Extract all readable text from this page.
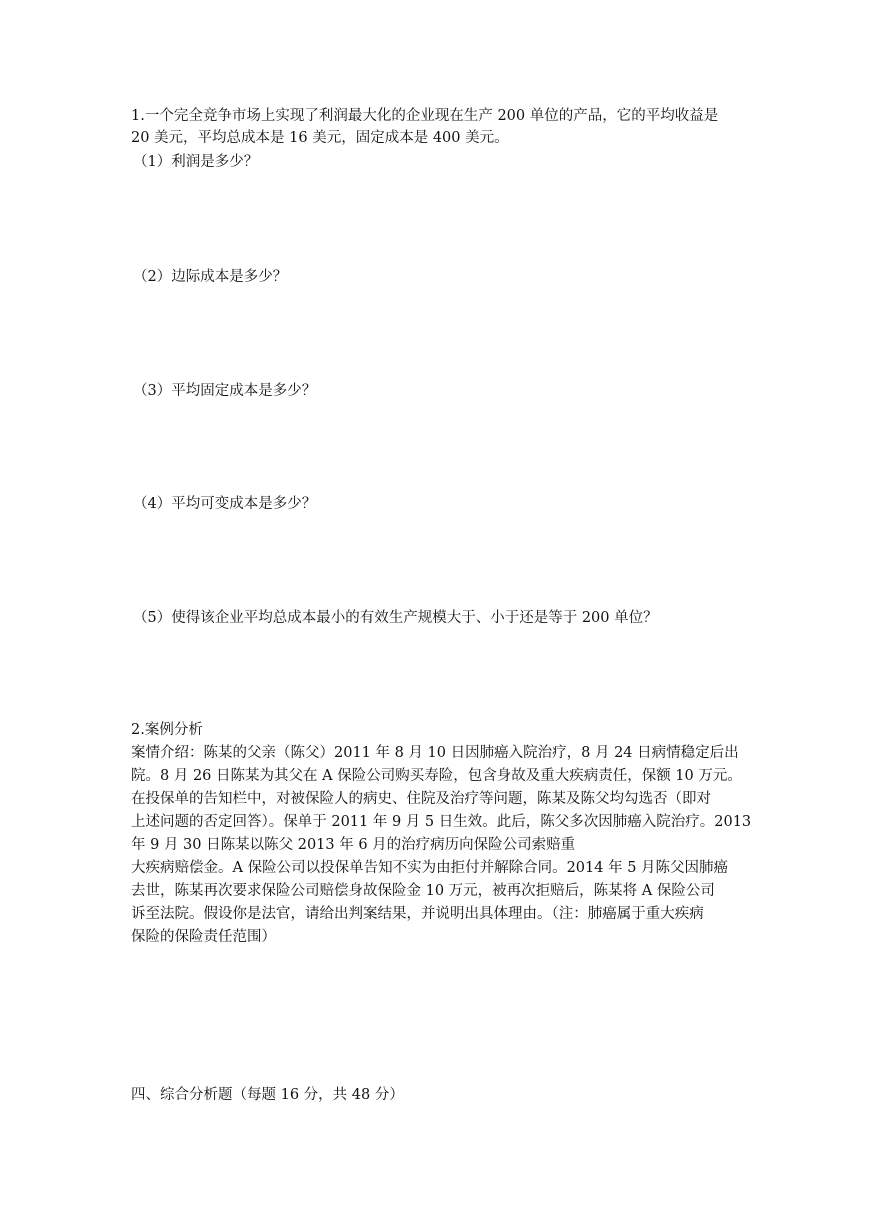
1.一个完全竞争市场上实现了利润最大化的企业现在生产 200 单位的产品，它的平均收益是
20 美元，平均总成本是 16 美元，固定成本是 400 美元。
（1）利润是多少？
（2）边际成本是多少？
（3）平均固定成本是多少？
（4）平均可变成本是多少？
（5）使得该企业平均总成本最小的有效生产规模大于、小于还是等于 200 单位？
2.案例分析
案情介绍：陈某的父亲（陈父）2011 年 8 月 10 日因肺癌入院治疗，8 月 24 日病情稳定后出
院。8 月 26 日陈某为其父在 A 保险公司购买寿险，包含身故及重大疾病责任，保额 10 万元。
在投保单的告知栏中，对被保险人的病史、住院及治疗等问题，陈某及陈父均勾选否（即对
上述问题的否定回答）。保单于 2011 年 9 月 5 日生效。此后，陈父多次因肺癌入院治疗。2013
年 9 月 30 日陈某以陈父 2013 年 6 月的治疗病历向保险公司索赔重
大疾病赔偿金。A 保险公司以投保单告知不实为由拒付并解除合同。2014 年 5 月陈父因肺癌
去世，陈某再次要求保险公司赔偿身故保险金 10 万元，被再次拒赔后，陈某将 A 保险公司
诉至法院。假设你是法官，请给出判案结果，并说明出具体理由。（注：肺癌属于重大疾病
保险的保险责任范围）
四、综合分析题（每题 16 分，共 48 分）
